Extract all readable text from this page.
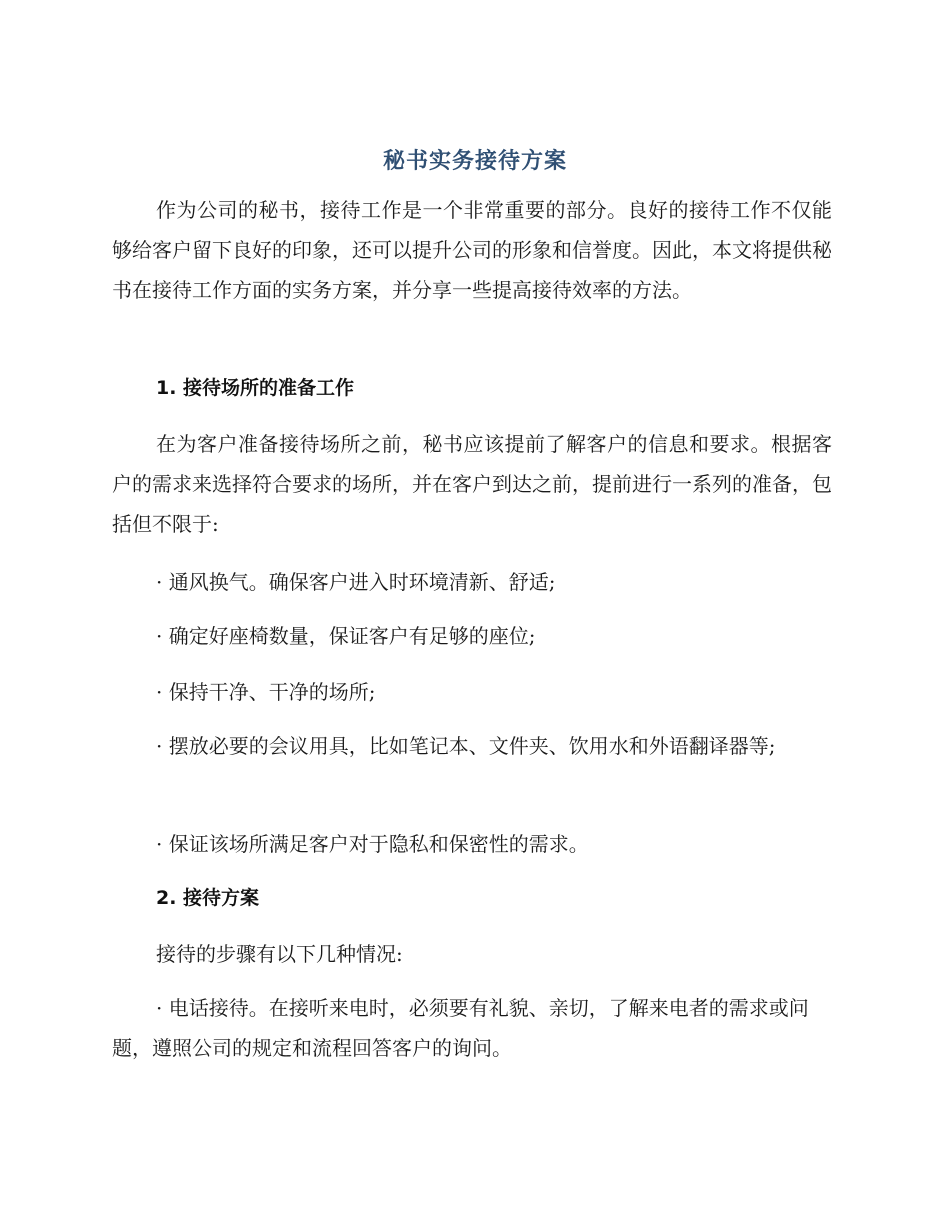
秘书实务接待方案
作为公司的秘书，接待工作是一个非常重要的部分。良好的接待工作不仅能够给客户留下良好的印象，还可以提升公司的形象和信誉度。因此，本文将提供秘书在接待工作方面的实务方案，并分享一些提高接待效率的方法。
1. 接待场所的准备工作
在为客户准备接待场所之前，秘书应该提前了解客户的信息和要求。根据客户的需求来选择符合要求的场所，并在客户到达之前，提前进行一系列的准备，包括但不限于:
· 通风换气。确保客户进入时环境清新、舒适;
· 确定好座椅数量，保证客户有足够的座位;
· 保持干净、干净的场所;
· 摆放必要的会议用具，比如笔记本、文件夹、饮用水和外语翻译器等;
· 保证该场所满足客户对于隐私和保密性的需求。
2. 接待方案
接待的步骤有以下几种情况:
· 电话接待。在接听来电时，必须要有礼貌、亲切，了解来电者的需求或问题，遵照公司的规定和流程回答客户的询问。
